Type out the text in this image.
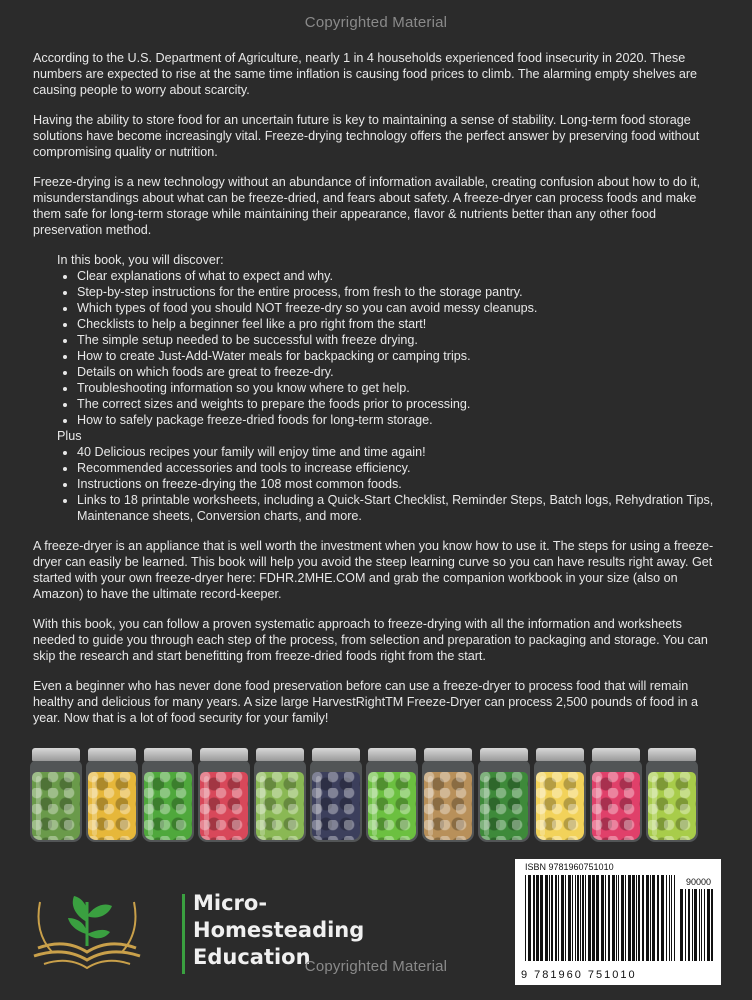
Copyrighted Material

According to the U.S. Department of Agriculture, nearly 1 in 4 households experienced food insecurity in 2020. These numbers are expected to rise at the same time inflation is causing food prices to climb. The alarming empty shelves are causing people to worry about scarcity.

Having the ability to store food for an uncertain future is key to maintaining a sense of stability. Long-term food storage solutions have become increasingly vital. Freeze-drying technology offers the perfect answer by preserving food without compromising quality or nutrition.

Freeze-drying is a new technology without an abundance of information available, creating confusion about how to do it, misunderstandings about what can be freeze-dried, and fears about safety. A freeze-dryer can process foods and make them safe for long-term storage while maintaining their appearance, flavor & nutrients better than any other food preservation method.

In this book, you will discover:

• Clear explanations of what to expect and why.
• Step-by-step instructions for the entire process, from fresh to the storage pantry.
• Which types of food you should NOT freeze-dry so you can avoid messy cleanups.
• Checklists to help a beginner feel like a pro right from the start!
• The simple setup needed to be successful with freeze drying.
• How to create Just-Add-Water meals for backpacking or camping trips.
• Details on which foods are great to freeze-dry.
• Troubleshooting information so you know where to get help.
• The correct sizes and weights to prepare the foods prior to processing.
• How to safely package freeze-dried foods for long-term storage.

Plus

• 40 Delicious recipes your family will enjoy time and time again!
• Recommended accessories and tools to increase efficiency.
• Instructions on freeze-drying the 108 most common foods.
• Links to 18 printable worksheets, including a Quick-Start Checklist, Reminder Steps, Batch logs, Rehydration Tips, Maintenance sheets, Conversion charts, and more.

A freeze-dryer is an appliance that is well worth the investment when you know how to use it. The steps for using a freeze-dryer can easily be learned. This book will help you avoid the steep learning curve so you can have results right away. Get started with your own freeze-dryer here: FDHR.2MHE.COM and grab the companion workbook in your size (also on Amazon) to have the ultimate record-keeper.

With this book, you can follow a proven systematic approach to freeze-drying with all the information and worksheets needed to guide you through each step of the process, from selection and preparation to packaging and storage. You can skip the research and start benefitting from freeze-dried foods right from the start.

Even a beginner who has never done food preservation before can use a freeze-dryer to process food that will remain healthy and delicious for many years. A size large HarvestRightTM Freeze-Dryer can process 2,500 pounds of food in a year. Now that is a lot of food security for your family!

Micro-
Homesteading
Education
ISBN 9781960751010
90000
9 781960 751010
Copyrighted Material
